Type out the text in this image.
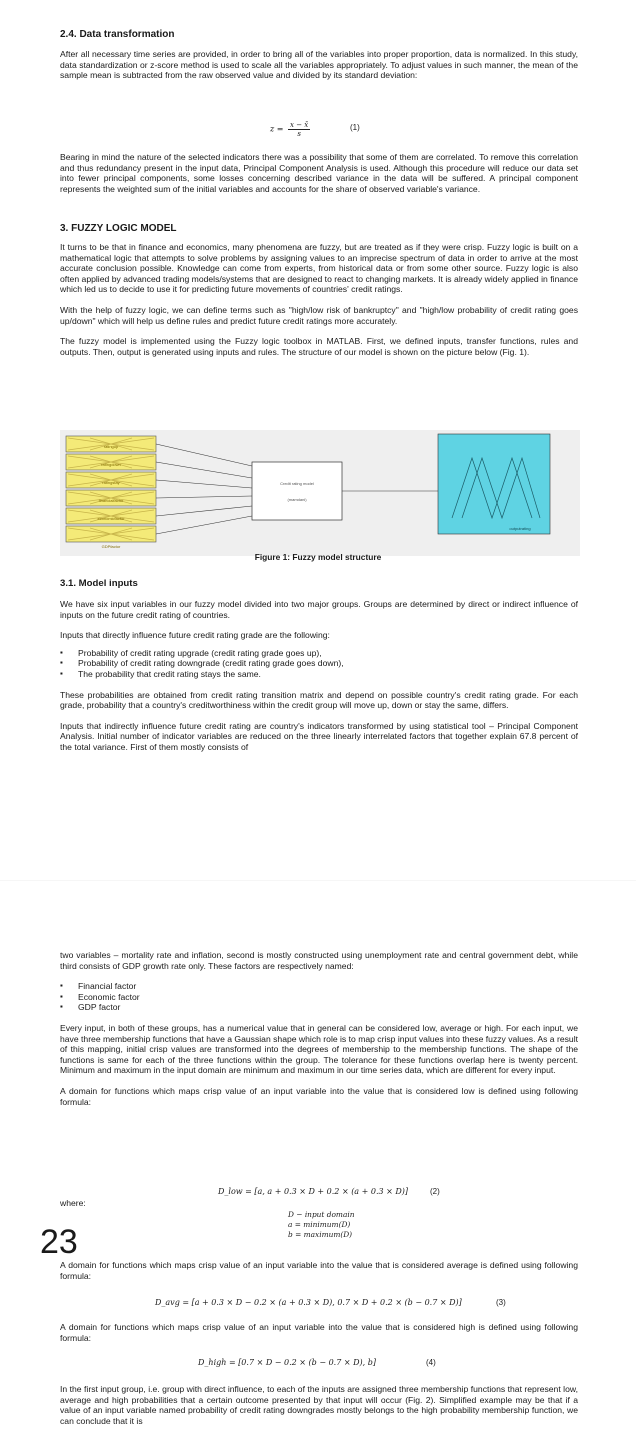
2.4. Data transformation

After all necessary time series are provided, in order to bring all of the variables into proper proportion, data is normalized. In this study, data standardization or z-score method is used to scale all the variables appropriately. To adjust values in such manner, the mean of the sample mean is subtracted from the raw observed value and divided by its standard deviation:

$z = \frac{x - x̄}{s}$	(1)

Bearing in mind the nature of the selected indicators there was a possibility that some of them are correlated. To remove this correlation and thus redundancy present in the input data, Principal Component Analysis is used. Although this procedure will reduce our data set into fewer principal components, some losses concerning described variance in the data will be suffered. A principal component represents the weighted sum of the initial variables and accounts for the share of observed variable's variance.

3. FUZZY LOGIC MODEL

It turns to be that in finance and economics, many phenomena are fuzzy, but are treated as if they were crisp. Fuzzy logic is built on a mathematical logic that attempts to solve problems by assigning values to an imprecise spectrum of data in order to arrive at the most accurate conclusion possible. Knowledge can come from experts, from historical data or from some other source. Fuzzy logic is also often applied by advanced trading models/systems that are designed to react to changing markets. It is already widely applied in finance which led us to decide to use it for predicting future movements of countries' credit ratings.

With the help of fuzzy logic, we can define terms such as "high/low risk of bankruptcy" and "high/low probability of credit rating goes up/down" which will help us define rules and predict future credit ratings more accurately.

The fuzzy model is implemented using the Fuzzy logic toolbox in MATLAB. First, we defined inputs, transfer functions, rules and outputs. Then, output is generated using inputs and rules. The structure of our model is shown on the picture below (Fig. 1).

ratingup
ratingdown
ratingstay
financialfactor
economicfactor
GDPfactor
Credit rating model
(mamdani)
outputrating
Figure 1: Fuzzy model structure
3.1. Model inputs

We have six input variables in our fuzzy model divided into two major groups. Groups are determined by direct or indirect influence of inputs on the future credit rating of countries.

Inputs that directly influence future credit rating grade are the following:

▪ Probability of credit rating upgrade (credit rating grade goes up),
▪ Probability of credit rating downgrade (credit rating grade goes down),
▪ The probability that credit rating stays the same.

These probabilities are obtained from credit rating transition matrix and depend on possible country's credit rating grade. For each grade, probability that a country's creditworthiness within the credit group will move up, down or stay the same, differs.

Inputs that indirectly influence future credit rating are country's indicators transformed by using statistical tool – Principal Component Analysis. Initial number of indicator variables are reduced on the three linearly interrelated factors that together explain 67.8 percent of the total variance. First of them mostly consists of

two variables – mortality rate and inflation, second is mostly constructed using unemployment rate and central government debt, while third consists of GDP growth rate only. These factors are respectively named:

▪ Financial factor
▪ Economic factor
▪ GDP factor

Every input, in both of these groups, has a numerical value that in general can be considered low, average or high. For each input, we have three membership functions that have a Gaussian shape which role is to map crisp input values into these fuzzy values. As a result of this mapping, initial crisp values are transformed into the degrees of membership to the membership functions. The shape of the functions is same for each of the three functions within the group. The tolerance for these functions overlap here is twenty percent. Minimum and maximum in the input domain are minimum and maximum in our time series data, which are different for every input.

A domain for functions which maps crisp value of an input variable into the value that is considered low is defined using following formula:

D_low = [a, a + 0.3 × D + 0.2 × (a + 0.3 × D)]	(2)

where:

D − input domain
a = minimum(D)
b = maximum(D)
23

A domain for functions which maps crisp value of an input variable into the value that is considered average is defined using following formula:

D_avg = [a + 0.3 × D − 0.2 × (a + 0.3 × D), 0.7 × D + 0.2 × (b − 0.7 × D)]	(3)

A domain for functions which maps crisp value of an input variable into the value that is considered high is defined using following formula:

D_high = [0.7 × D − 0.2 × (b − 0.7 × D), b]	(4)

In the first input group, i.e. group with direct influence, to each of the inputs are assigned three membership functions that represent low, average and high probabilities that a certain outcome presented by that input will occur (Fig. 2). Simplified example may be that if a value of an input variable named probability of credit rating downgrades mostly belongs to the high probability membership function, we can conclude that it is
